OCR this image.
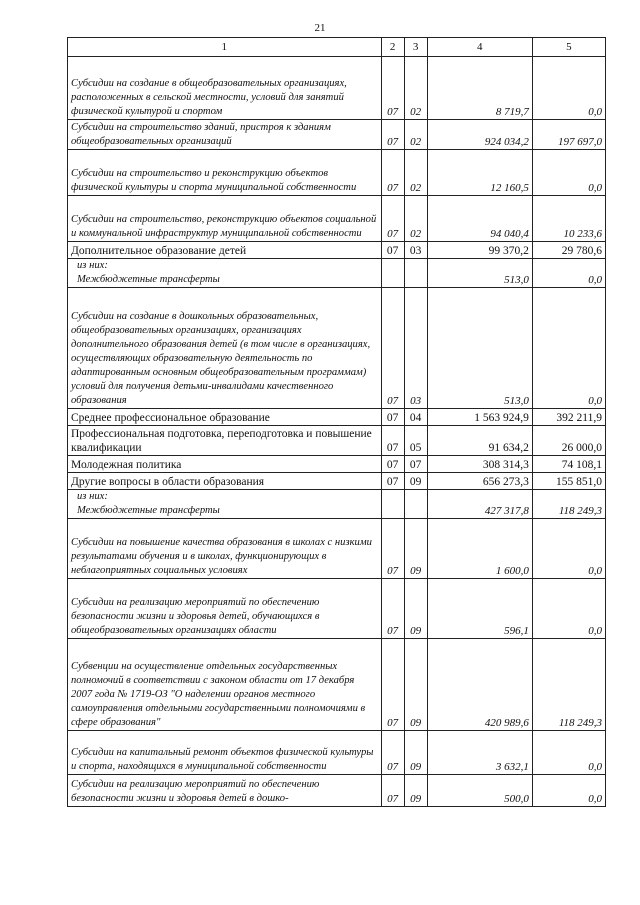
21
1	2	3	4	5
Субсидии на создание в общеобразовательных организациях, расположенных в сельской местности, условий для занятий физической культурой и спортом	07	02	8 719,7	0,0
Субсидии на строительство зданий, пристроя к зданиям общеобразовательных организаций	07	02	924 034,2	197 697,0
Субсидии на строительство и реконструкцию объектов физической культуры и спорта муниципальной собственности	07	02	12 160,5	0,0
Субсидии на строительство, реконструкцию объектов социальной и коммунальной инфраструктур муниципальной собственности	07	02	94 040,4	10 233,6
Дополнительное образование детей	07	03	99 370,2	29 780,6

из них:
Межбюджетные трансферты			513,0	0,0
Субсидии на создание в дошкольных образовательных, общеобразовательных организациях, организациях дополнительного образования детей (в том числе в организациях, осуществляющих образовательную деятельность по адаптированным основным общеобразовательным программам) условий для получения детьми-инвалидами качественного образования	07	03	513,0	0,0
Среднее профессиональное образование	07	04	1 563 924,9	392 211,9
Профессиональная подготовка, переподготовка и повышение квалификации	07	05	91 634,2	26 000,0
Молодежная политика	07	07	308 314,3	74 108,1
Другие вопросы в области образования	07	09	656 273,3	155 851,0

из них:
Межбюджетные трансферты			427 317,8	118 249,3
Субсидии на повышение качества образования в школах с низкими результатами обучения и в школах, функционирующих в неблагоприятных социальных условиях	07	09	1 600,0	0,0
Субсидии на реализацию мероприятий по обеспечению безопасности жизни и здоровья детей, обучающихся в общеобразовательных организациях области	07	09	596,1	0,0
Субвенции на осуществление отдельных государственных полномочий в соответствии с законом области от 17 декабря 2007 года № 1719-ОЗ "О наделении органов местного самоуправления отдельными государственными полномочиями в сфере образования"	07	09	420 989,6	118 249,3
Субсидии на капитальный ремонт объектов физической культуры и спорта, находящихся в муниципальной собственности	07	09	3 632,1	0,0
Субсидии на реализацию мероприятий по обеспечению безопасности жизни и здоровья детей в дошко-	07	09	500,0	0,0
